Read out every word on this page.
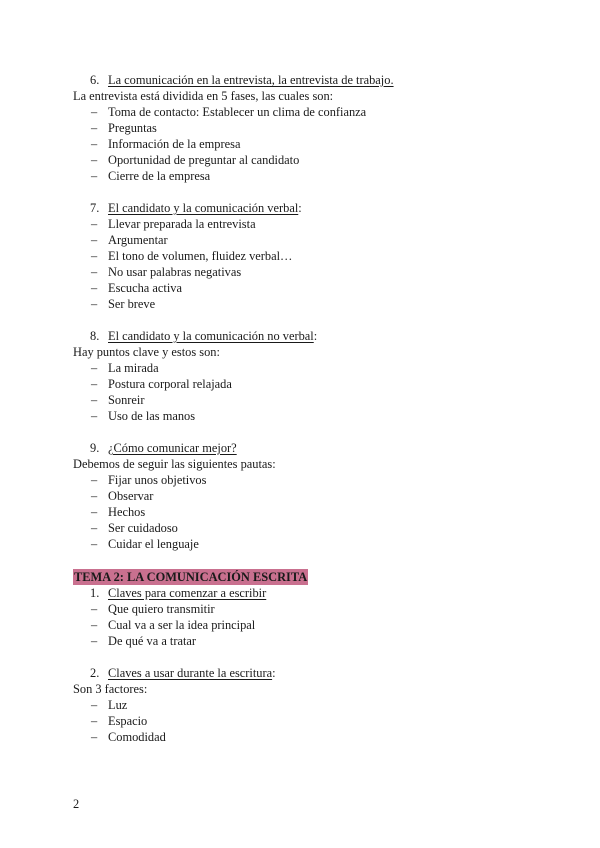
6. La comunicación en la entrevista, la entrevista de trabajo.
La entrevista está dividida en 5 fases, las cuales son:
– Toma de contacto: Establecer un clima de confianza
– Preguntas
– Información de la empresa
– Oportunidad de preguntar al candidato
– Cierre de la empresa
7. El candidato y la comunicación verbal:
– Llevar preparada la entrevista
– Argumentar
– El tono de volumen, fluidez verbal…
– No usar palabras negativas
– Escucha activa
– Ser breve
8. El candidato y la comunicación no verbal:
Hay puntos clave y estos son:
– La mirada
– Postura corporal relajada
– Sonreir
– Uso de las manos
9. ¿Cómo comunicar mejor?
Debemos de seguir las siguientes pautas:
– Fijar unos objetivos
– Observar
– Hechos
– Ser cuidadoso
– Cuidar el lenguaje
TEMA 2: LA COMUNICACIÓN ESCRITA
1. Claves para comenzar a escribir
– Que quiero transmitir
– Cual va a ser la idea principal
– De qué va a tratar
2. Claves a usar durante la escritura:
Son 3 factores:
– Luz
– Espacio
– Comodidad
2
